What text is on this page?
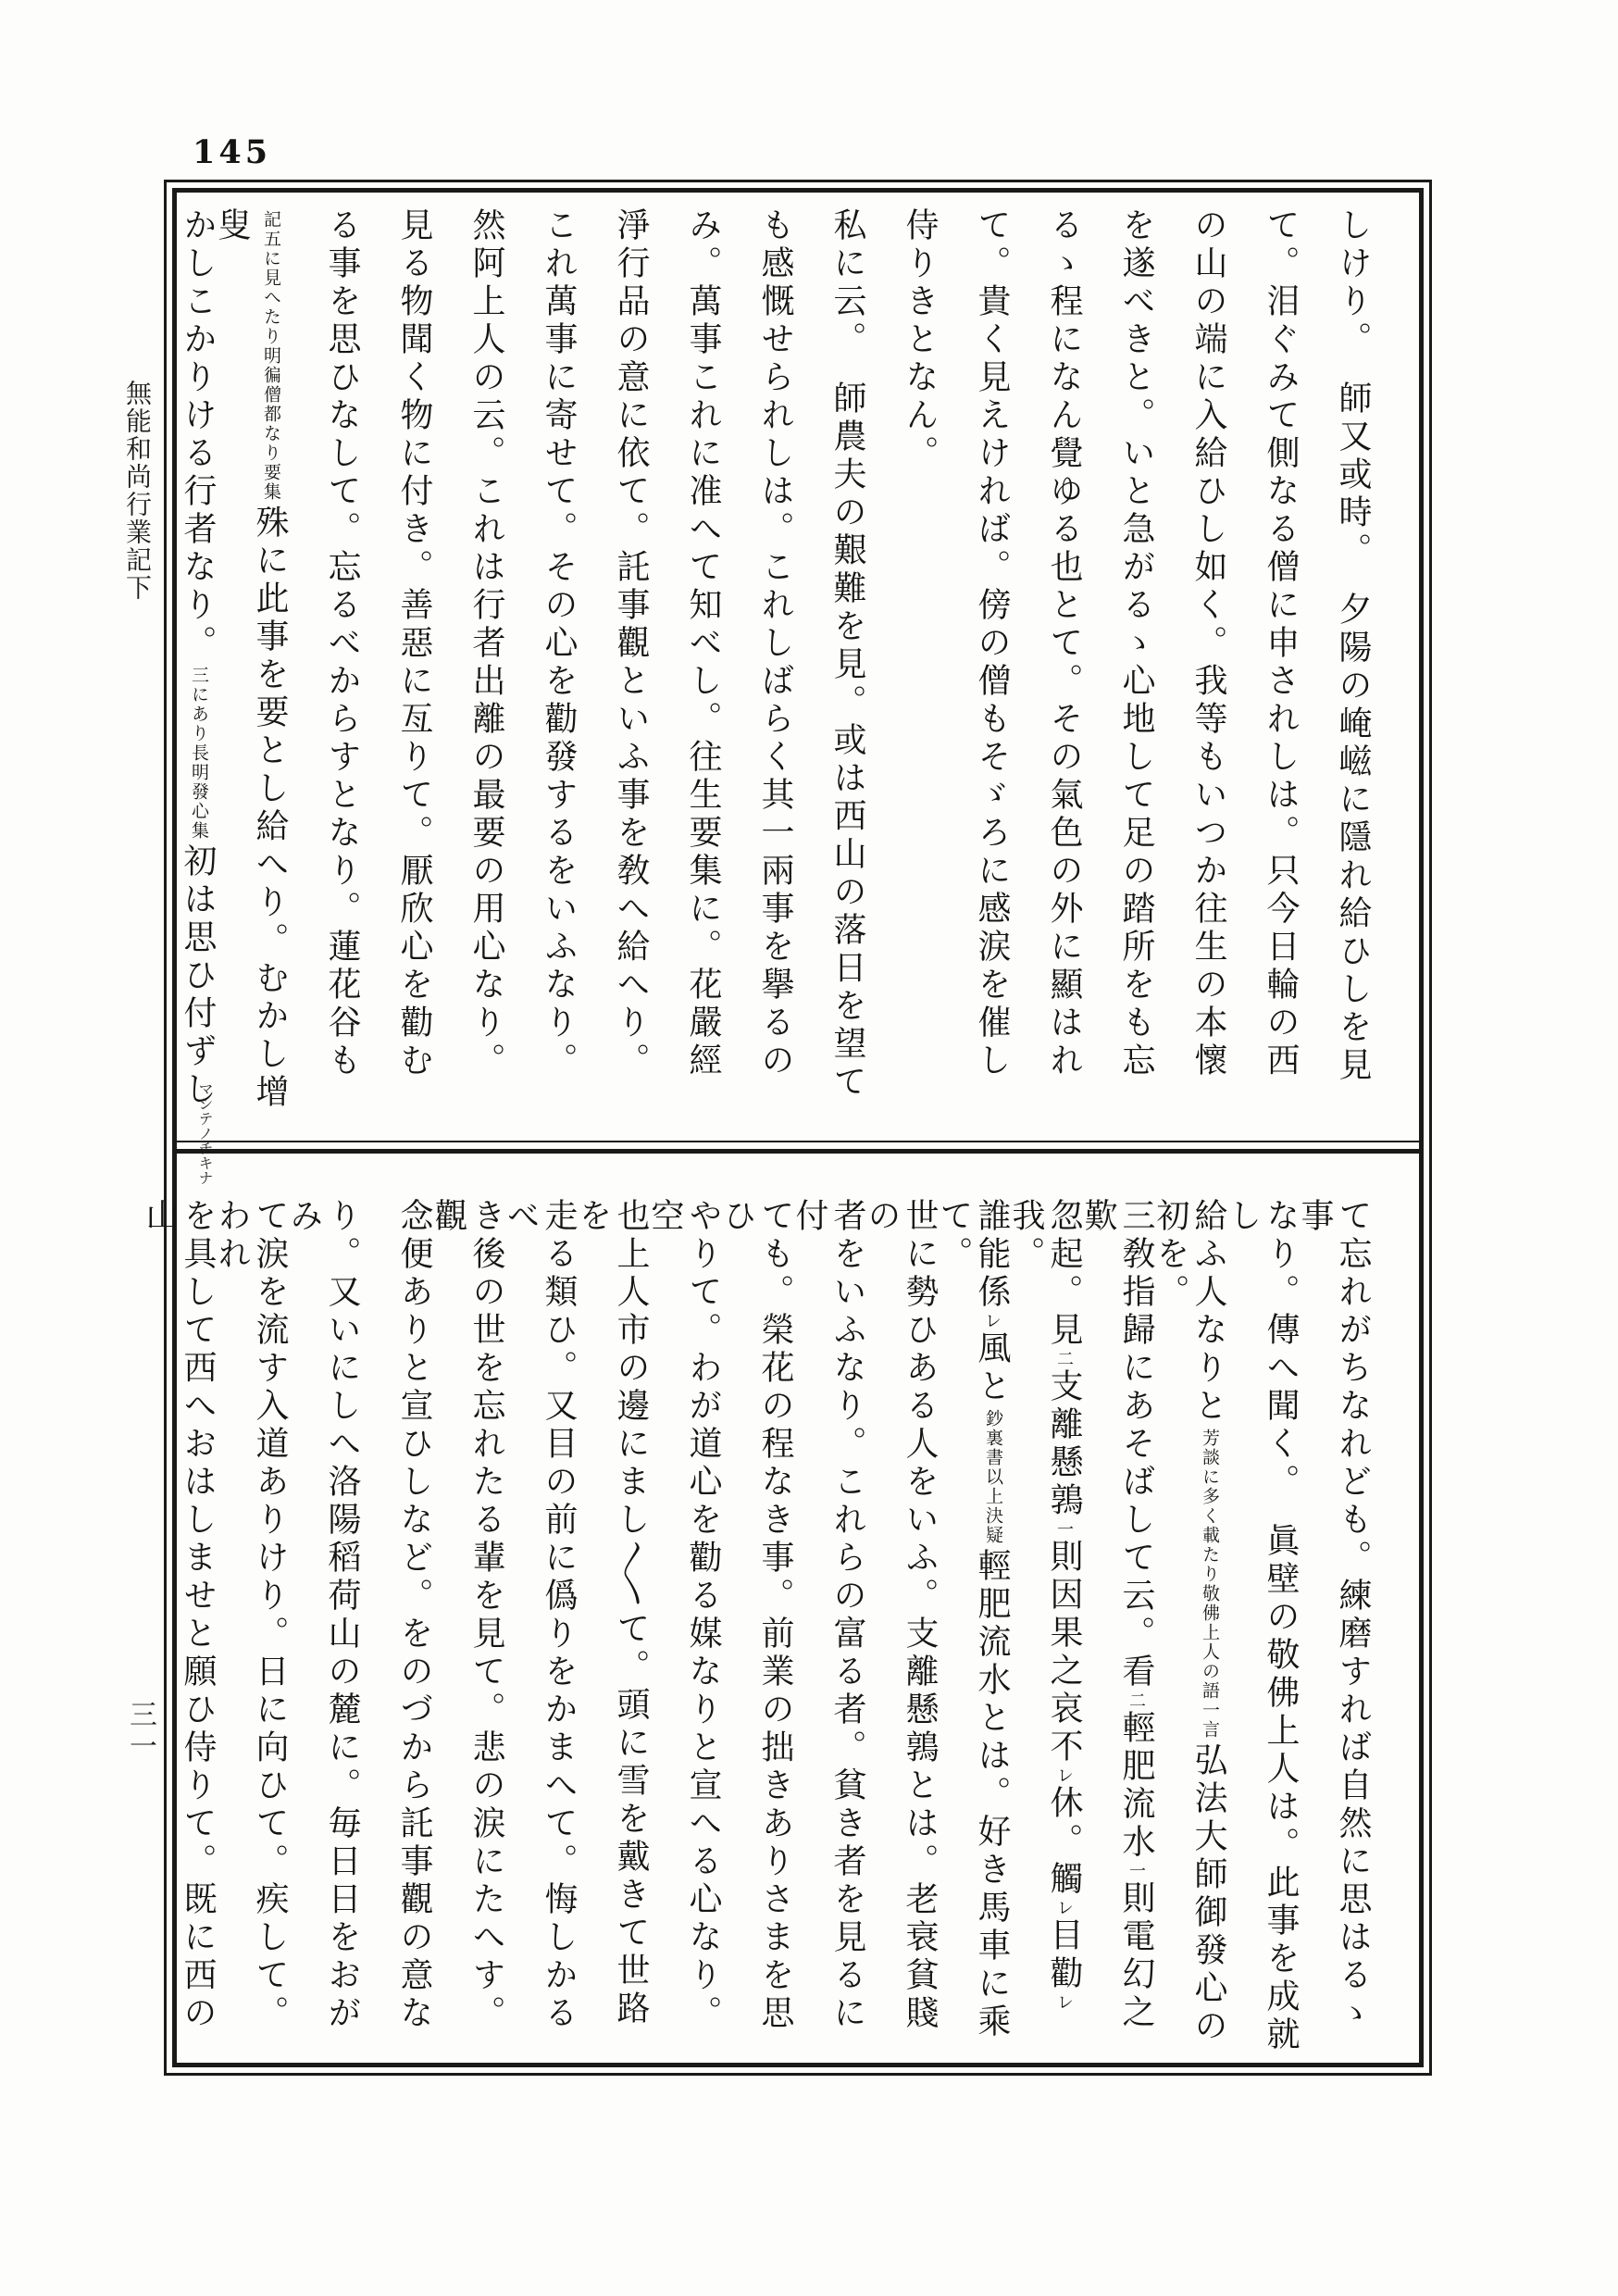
145
無能和尚行業記下
三一
しけり。　師又或時。　夕陽の崦嵫に隱れ給ひしを見
て。泪ぐみて側なる僧に申されしは。只今日輪の西
の山の端に入給ひし如く。我等もいつか往生の本懷
を遂べきと。いと急がるゝ心地して足の踏所をも忘
るゝ程になん覺ゆる也とて。その氣色の外に顯はれ
て。貴く見えければ。傍の僧もそゞろに感涙を催し
侍りきとなん。
私に云。　師農夫の艱難を見。或は西山の落日を望て
も感慨せられしは。これしばらく其一兩事を擧るの
み。萬事これに准へて知べし。往生要集に。花嚴經
淨行品の意に依て。託事觀といふ事を敎へ給へり。
これ萬事に寄せて。その心を勸發するをいふなり。
然阿上人の云。これは行者出離の最要の用心なり。
見る物聞く物に付き。善惡に亙りて。厭欣心を勸む
る事を思ひなして。忘るべからすとなり。蓮花谷も
明徧僧都なり要集
記五に見へたり
殊に此事を要とし給へり。むかし增叟
マシテノチキナ
かしこかりける行者なり。
長明發心集
三にあり
初は思ひ付ずし
て忘れがちなれども。練磨すれば自然に思はるゝ事
なり。傳へ聞く。　眞壁の敬佛上人は。此事を成就し
給ふ人なりと
敬佛上人の語一言
芳談に多く載たり
弘法大師御發心の初を。
三敎指歸にあそばして云。看二輕肥流水一則電幻之歎
忽起。見二支離懸鶉一則因果之哀不レ休。觸レ目勸レ我。
誰能係レ風と
以上決疑
鈔裏書
輕肥流水とは。好き馬車に乘て。
世に勢ひある人をいふ。支離懸鶉とは。老衰貧賤の
者をいふなり。これらの富る者。貧き者を見るに付
ても。榮花の程なき事。前業の拙きありさまを思ひ
やりて。わが道心を勸る媒なりと宣へる心なり。空
也上人市の邊にまし〱て。頭に雪を戴きて世路を
走る類ひ。又目の前に僞りをかまへて。悔しかるべ
き後の世を忘れたる輩を見て。悲の涙にたへす。觀
念便ありと宣ひしなど。をのづから託事觀の意な
り。又いにしへ洛陽稻荷山の麓に。毎日日をおがみ
て涙を流す入道ありけり。日に向ひて。疾して。われ
を具して西へおはしませと願ひ侍りて。既に西の山
